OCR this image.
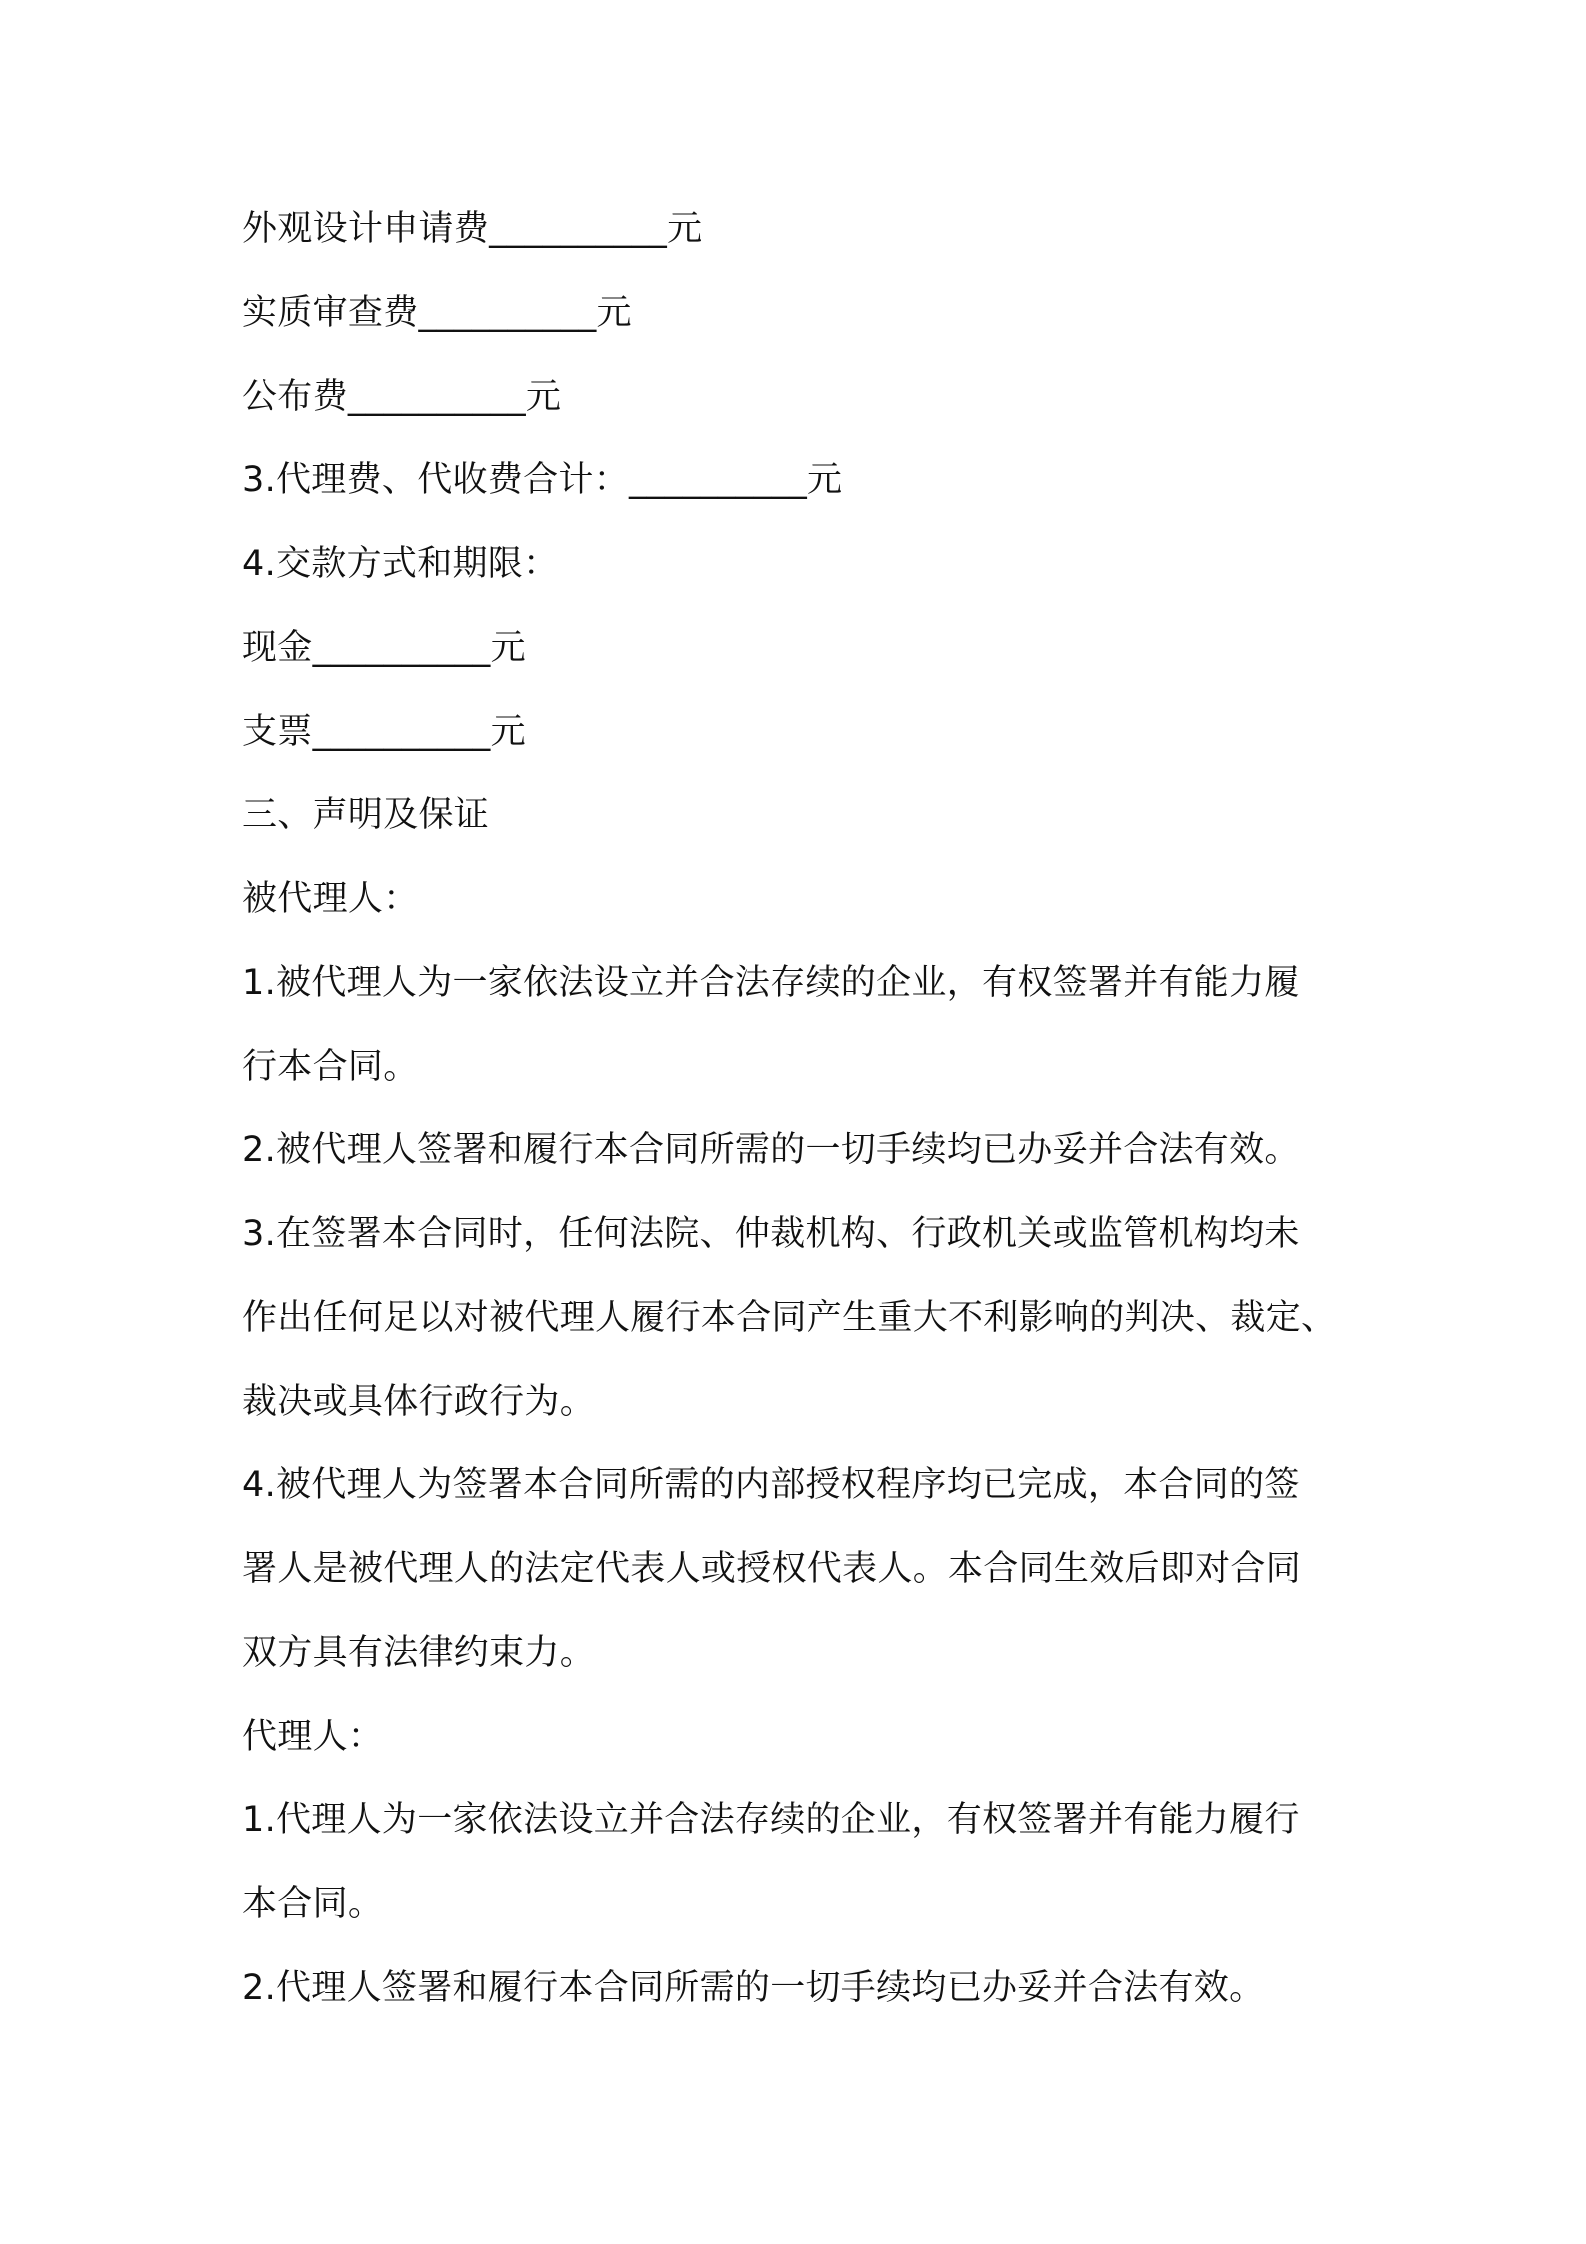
外观设计申请费__________元
实质审查费__________元
公布费__________元
3.代理费、代收费合计：__________元
4.交款方式和期限：
现金__________元
支票__________元
三、声明及保证
被代理人：
1.被代理人为一家依法设立并合法存续的企业，有权签署并有能力履
行本合同。
2.被代理人签署和履行本合同所需的一切手续均已办妥并合法有效。
3.在签署本合同时，任何法院、仲裁机构、行政机关或监管机构均未
作出任何足以对被代理人履行本合同产生重大不利影响的判决、裁定、
裁决或具体行政行为。
4.被代理人为签署本合同所需的内部授权程序均已完成，本合同的签
署人是被代理人的法定代表人或授权代表人。本合同生效后即对合同
双方具有法律约束力。
代理人：
1.代理人为一家依法设立并合法存续的企业，有权签署并有能力履行
本合同。
2.代理人签署和履行本合同所需的一切手续均已办妥并合法有效。
